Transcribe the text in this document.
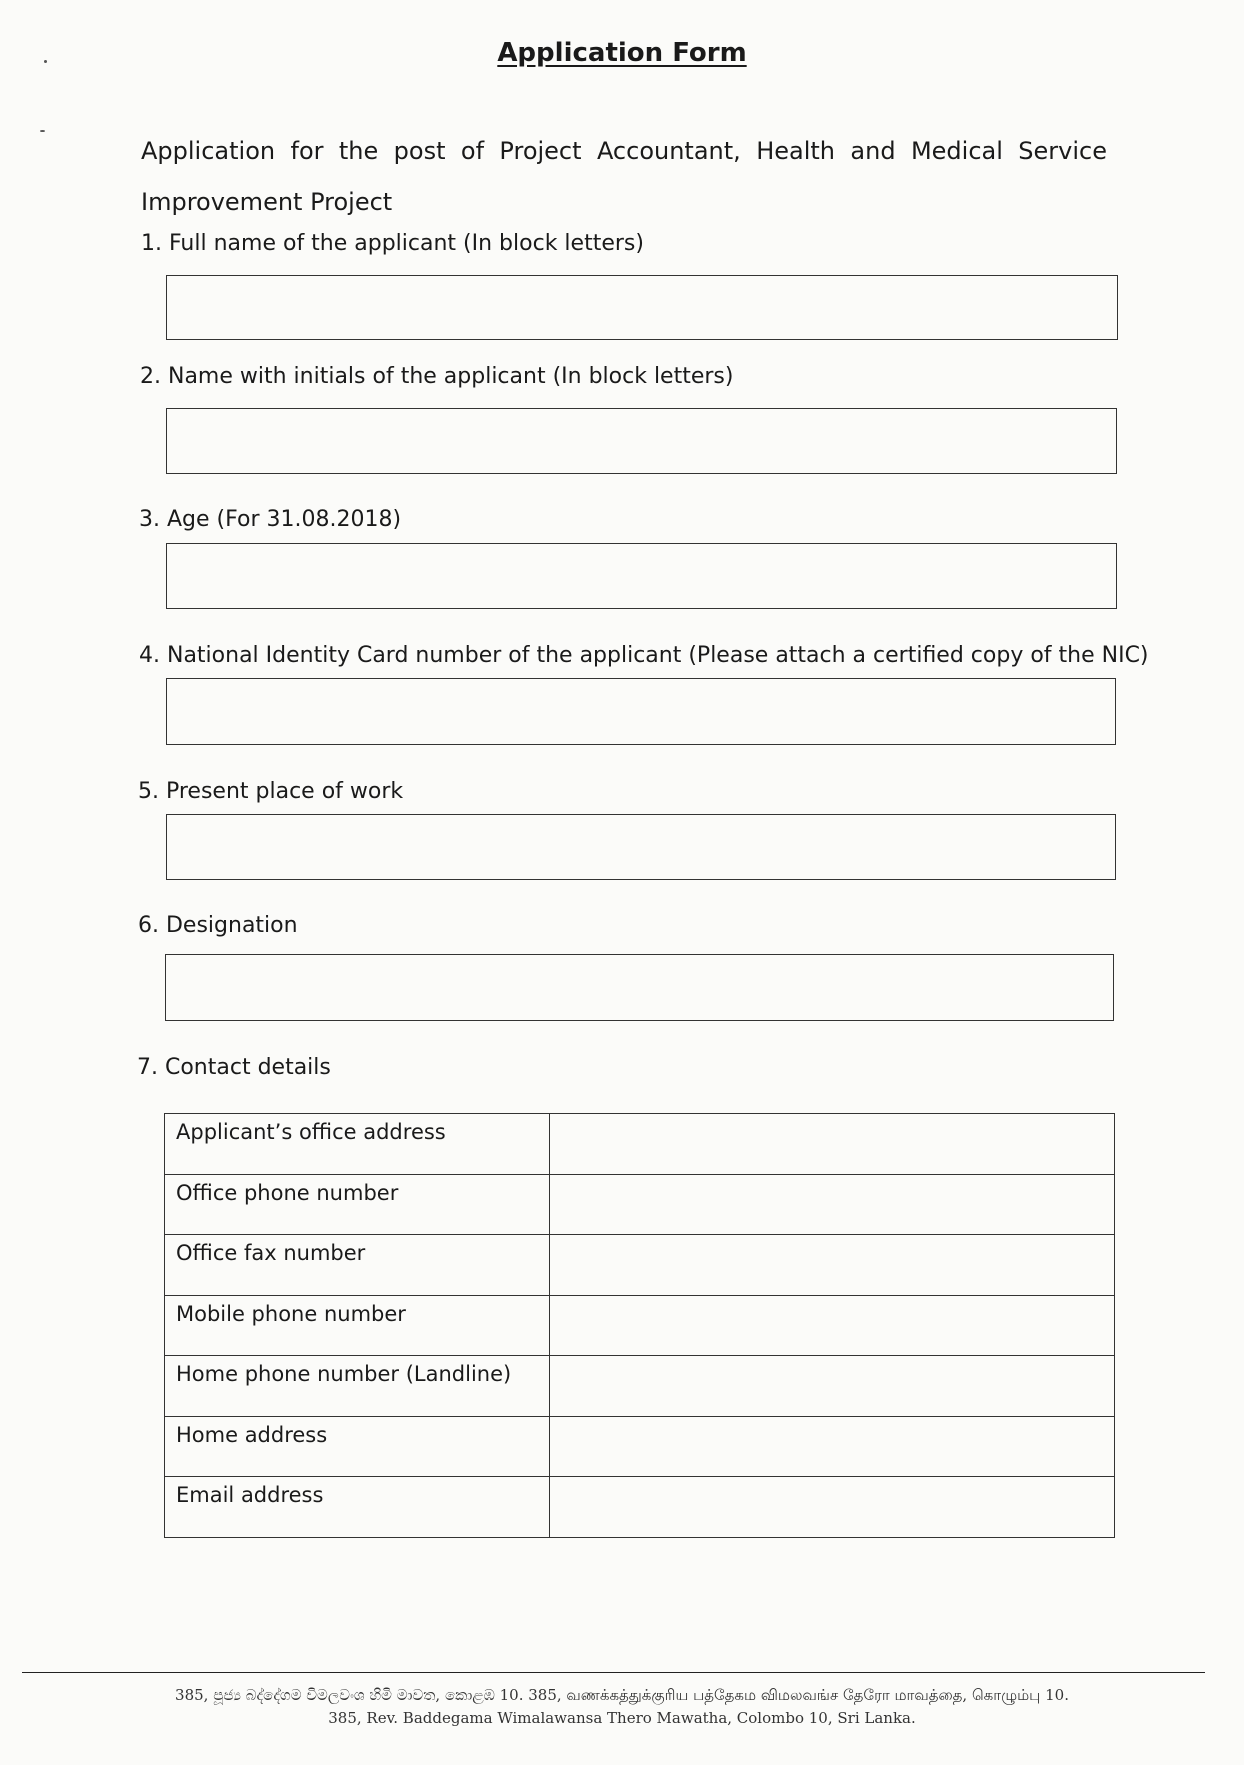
Application Form
Application for the post of Project Accountant, Health and Medical Service Improvement Project
1. Full name of the applicant (In block letters)
2. Name with initials of the applicant (In block letters)
3. Age (For 31.08.2018)
4. National Identity Card number of the applicant (Please attach a certified copy of the NIC)
5. Present place of work
6. Designation
7. Contact details
Applicant’s office address	
Office phone number	
Office fax number	
Mobile phone number	
Home phone number (Landline)	
Home address	
Email address	
385, පූජ්‍ය බද්දේගම විමලවංශ හිමි මාවත, කොළඹ 10. 385, வணக்கத்துக்குரிய பத்தேகம விமலவங்ச தேரோ மாவத்தை, கொழும்பு 10.
385, Rev. Baddegama Wimalawansa Thero Mawatha, Colombo 10, Sri Lanka.
